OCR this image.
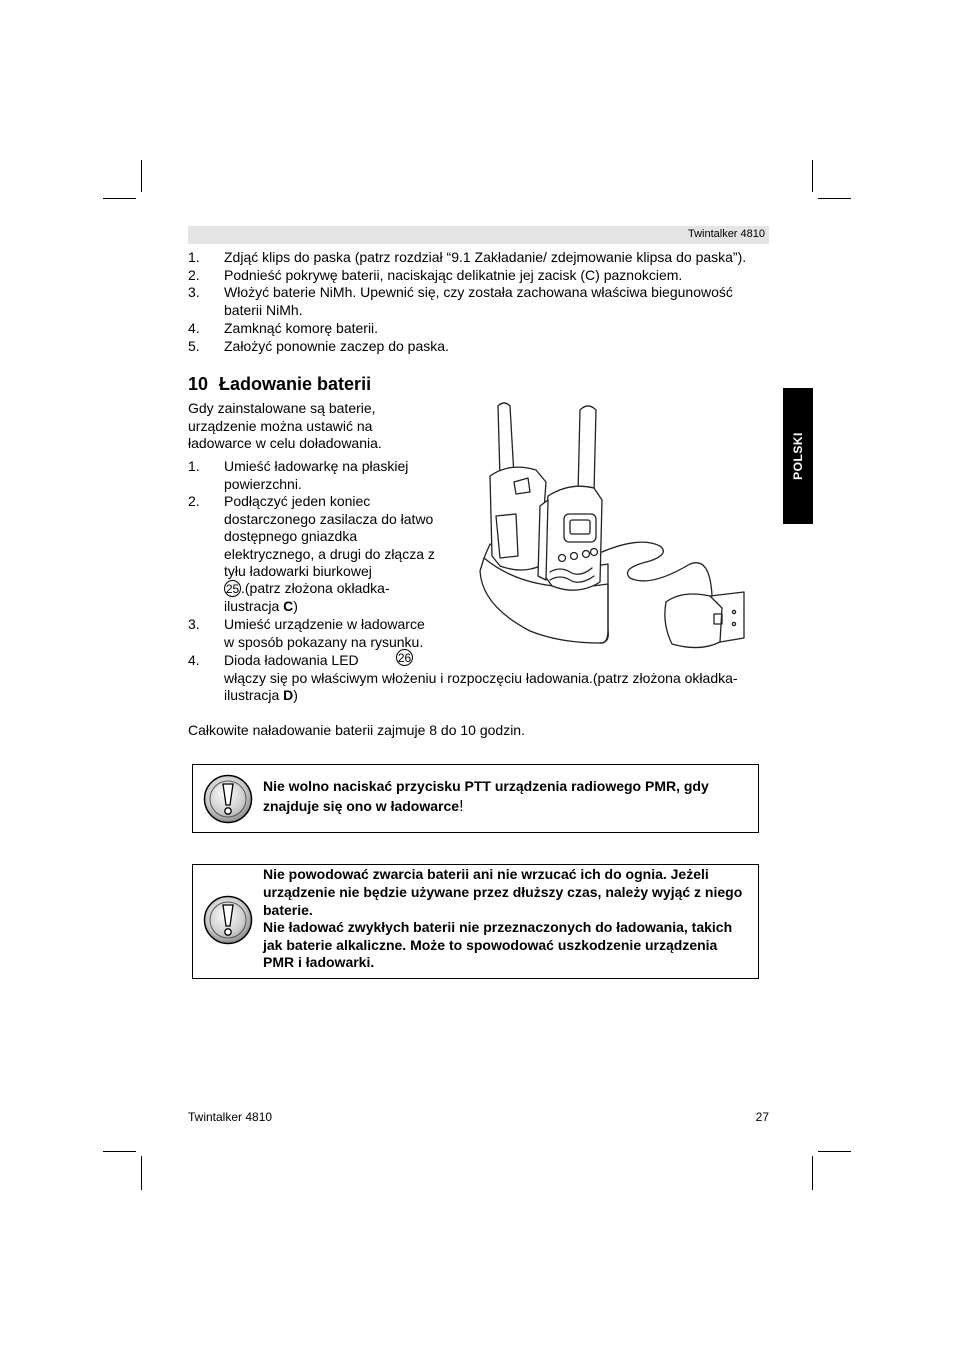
Twintalker 4810
POLSKI
1.	Zdjąć klips do paska (patrz rozdział “9.1 Zakładanie/ zdejmowanie klipsa do paska”).
2.	Podnieść pokrywę baterii, naciskając delikatnie jej zacisk (C) paznokciem.
3.	Włożyć baterie NiMh. Upewnić się, czy została zachowana właściwa biegunowość
baterii NiMh.
4.	Zamknąć komorę baterii.
5.	Założyć ponownie zaczep do paska.
10 Ładowanie baterii
Gdy zainstalowane są baterie,
urządzenie można ustawić na
ładowarce w celu doładowania.
1.	Umieść ładowarkę na płaskiej
powierzchni.
2.	Podłączyć jeden koniec
dostarczonego zasilacza do łatwo
dostępnego gniazdka
elektrycznego, a drugi do złącza z
tyłu ładowarki biurkowej
25 .(patrz złożona okładka-
ilustracja C)
3.	Umieść urządzenie w ładowarce
w sposób pokazany na rysunku.
4.	Dioda ładowania LED	26
włączy się po właściwym włożeniu i rozpoczęciu ładowania.(patrz złożona okładka-
ilustracja D)
Całkowite naładowanie baterii zajmuje 8 do 10 godzin.
Nie wolno naciskać przycisku PTT urządzenia radiowego PMR, gdy
znajduje się ono w ładowarce!
Nie powodować zwarcia baterii ani nie wrzucać ich do ognia. Jeżeli
urządzenie nie będzie używane przez dłuższy czas, należy wyjąć z niego
baterie.
Nie ładować zwykłych baterii nie przeznaczonych do ładowania, takich
jak baterie alkaliczne. Może to spowodować uszkodzenie urządzenia
PMR i ładowarki.
Twintalker 4810	27
